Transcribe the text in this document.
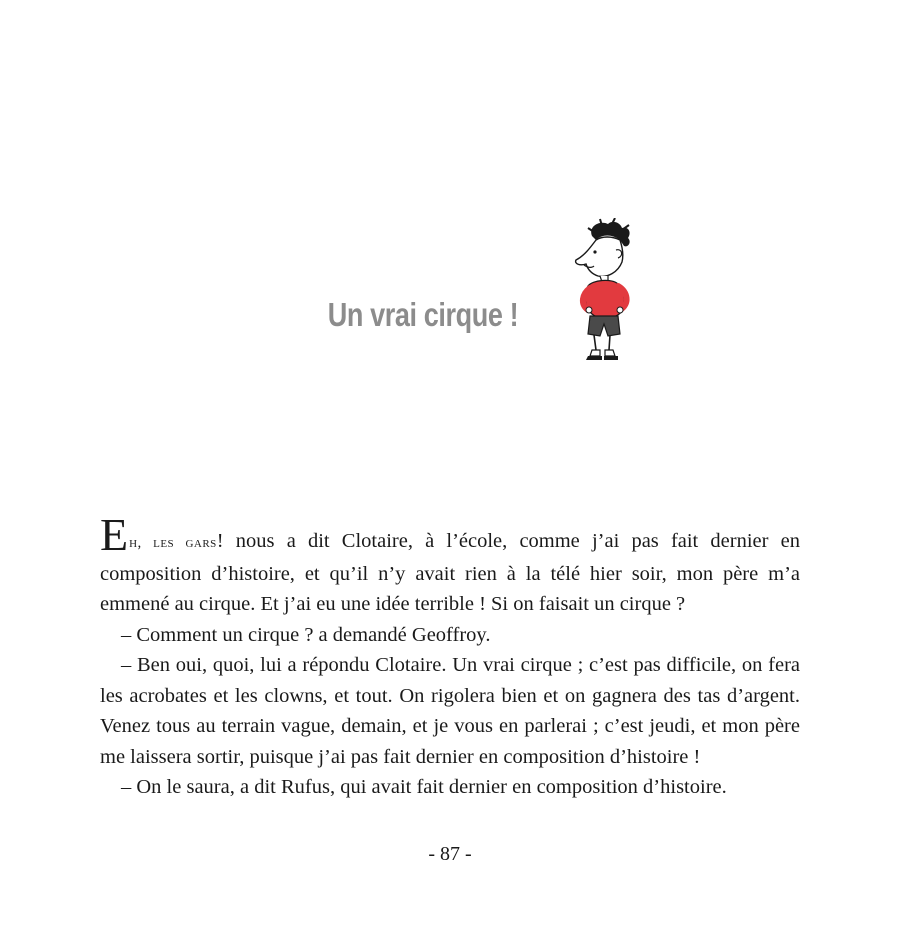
Un vrai cirque !

Eh, les gars! nous a dit Clotaire, à l’école, comme j’ai pas fait dernier en composition d’histoire, et qu’il n’y avait rien à la télé hier soir, mon père m’a emmené au cirque. Et j’ai eu une idée terrible ! Si on faisait un cirque ?

– Comment un cirque ? a demandé Geoffroy.

– Ben oui, quoi, lui a répondu Clotaire. Un vrai cirque ; c’est pas difficile, on fera les acrobates et les clowns, et tout. On rigolera bien et on gagnera des tas d’argent. Venez tous au terrain vague, demain, et je vous en parlerai ; c’est jeudi, et mon père me laissera sortir, puisque j’ai pas fait dernier en composition d’histoire !

– On le saura, a dit Rufus, qui avait fait dernier en composition d’histoire.

- 87 -
